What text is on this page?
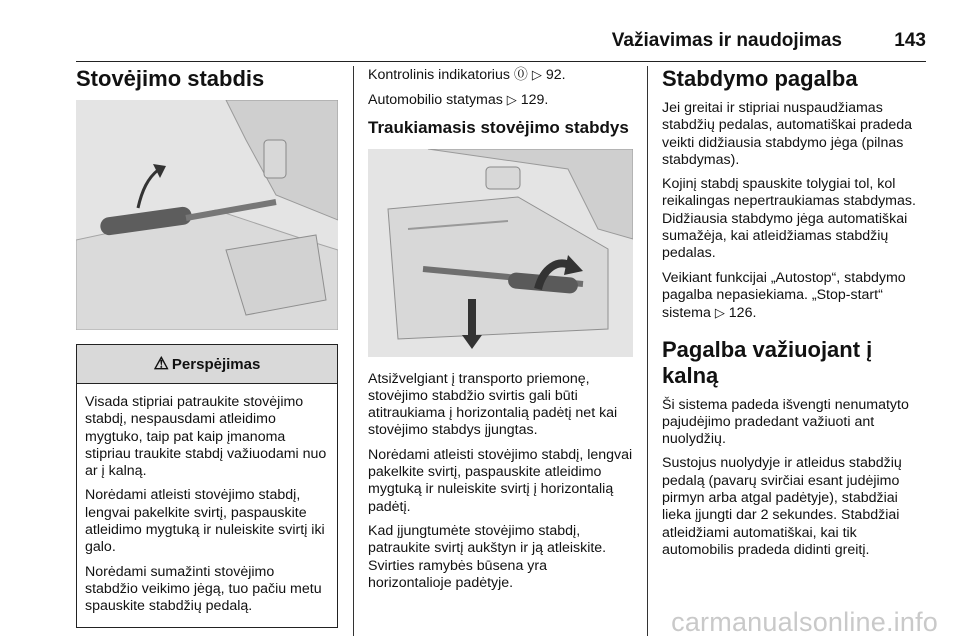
Važiavimas ir naudojimas	143
Stovėjimo stabdis
⚠ Perspėjimas

Visada stipriai patraukite stovėjimo stabdį, nespausdami atleidimo mygtuko, taip pat kaip įmanoma stipriau traukite stabdį važiuodami nuo ar į kalną.

Norėdami atleisti stovėjimo stabdį, lengvai pakelkite svirtį, paspauskite atleidimo mygtuką ir nuleiskite svirtį iki galo.

Norėdami sumažinti stovėjimo stabdžio veikimo jėgą, tuo pačiu metu spauskite stabdžių pedalą.

Kontrolinis indikatorius ⓪ ▷ 92.

Automobilio statymas ▷ 129.

Traukiamasis stovėjimo stabdys

Atsižvelgiant į transporto priemonę, stovėjimo stabdžio svirtis gali būti atitraukiama į horizontalią padėtį net kai stovėjimo stabdys įjungtas.

Norėdami atleisti stovėjimo stabdį, lengvai pakelkite svirtį, paspauskite atleidimo mygtuką ir nuleiskite svirtį į horizontalią padėtį.

Kad įjungtumėte stovėjimo stabdį, patraukite svirtį aukštyn ir ją atleiskite. Svirties ramybės būsena yra horizontalioje padėtyje.

Stabdymo pagalba

Jei greitai ir stipriai nuspaudžiamas stabdžių pedalas, automatiškai pradeda veikti didžiausia stabdymo jėga (pilnas stabdymas).

Kojinį stabdį spauskite tolygiai tol, kol reikalingas nepertraukiamas stabdymas. Didžiausia stabdymo jėga automatiškai sumažėja, kai atleidžiamas stabdžių pedalas.

Veikiant funkcijai „Autostop“, stabdymo pagalba nepasiekiama. „Stop-start“ sistema ▷ 126.

Pagalba važiuojant į kalną

Ši sistema padeda išvengti nenumatyto pajudėjimo pradedant važiuoti ant nuolydžių.

Sustojus nuolydyje ir atleidus stabdžių pedalą (pavarų svirčiai esant judėjimo pirmyn arba atgal padėtyje), stabdžiai lieka įjungti dar 2 sekundes. Stabdžiai atleidžiami automatiškai, kai tik automobilis pradeda didinti greitį.

carmanualsonline.info
